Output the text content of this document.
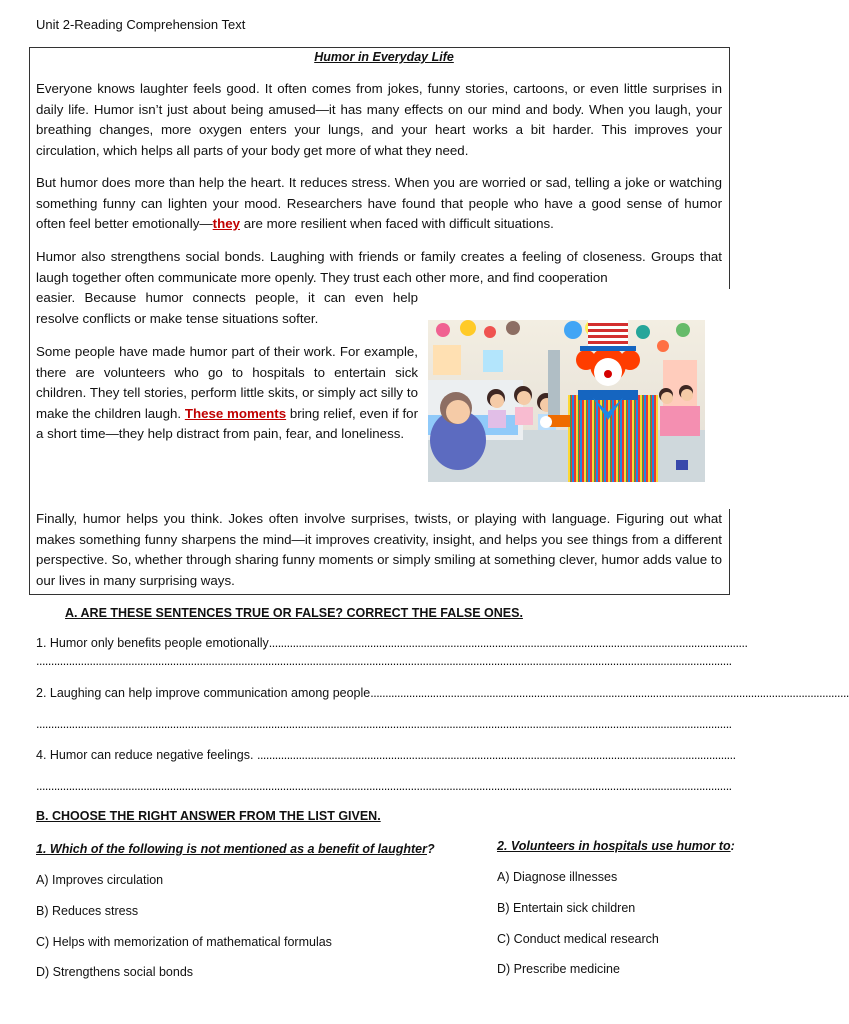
Unit 2-Reading Comprehension Text
Humor in Everyday Life
Everyone knows laughter feels good. It often comes from jokes, funny stories, cartoons, or even little surprises in daily life. Humor isn’t just about being amused—it has many effects on our mind and body. When you laugh, your breathing changes, more oxygen enters your lungs, and your heart works a bit harder. This improves your circulation, which helps all parts of your body get more of what they need.
But humor does more than help the heart. It reduces stress. When you are worried or sad, telling a joke or watching something funny can lighten your mood. Researchers have found that people who have a good sense of humor often feel better emotionally—they are more resilient when faced with difficult situations.
Humor also strengthens social bonds. Laughing with friends or family creates a feeling of closeness. Groups that laugh together often communicate more openly. They trust each other more, and find cooperation
easier. Because humor connects people, it can even help resolve conflicts or make tense situations softer.
Some people have made humor part of their work. For example, there are volunteers who go to hospitals to entertain sick children. They tell stories, perform little skits, or simply act silly to make the children laugh. These moments bring relief, even if for a short time—they help distract from pain, fear, and loneliness.
Finally, humor helps you think. Jokes often involve surprises, twists, or playing with language. Figuring out what makes something funny sharpens the mind—it improves creativity, insight, and helps you see things from a different perspective. So, whether through sharing funny moments or simply smiling at something clever, humor adds value to our lives in many surprising ways.
A. ARE THESE SENTENCES TRUE OR FALSE? CORRECT THE FALSE ONES.
1. Humor only benefits people emotionally.................................................................................................................................................................
..........................................................................................................................................................................................................................................
2. Laughing can help improve communication among people.................................................................................................................................................................
..........................................................................................................................................................................................................................................
4. Humor can reduce negative feelings. .................................................................................................................................................................
..........................................................................................................................................................................................................................................
B. CHOOSE THE RIGHT ANSWER FROM THE LIST GIVEN.
1. Which of the following is not mentioned as a benefit of laughter?
A) Improves circulation
B) Reduces stress
C) Helps with memorization of mathematical formulas
D) Strengthens social bonds
2. Volunteers in hospitals use humor to:
A) Diagnose illnesses
B) Entertain sick children
C) Conduct medical research
D) Prescribe medicine
